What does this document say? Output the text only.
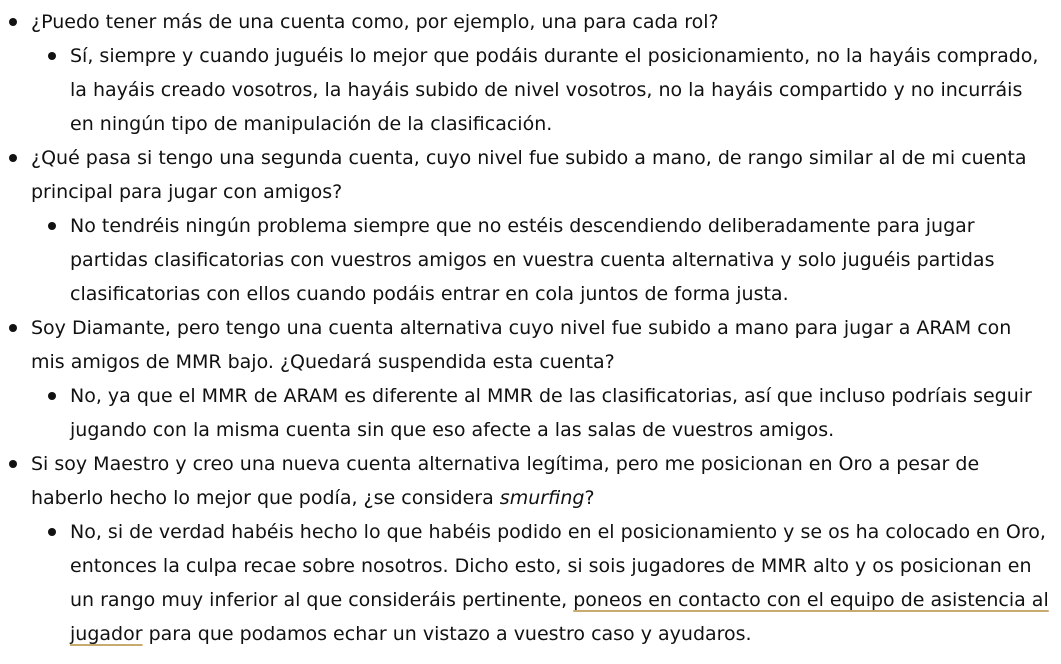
¿Puedo tener más de una cuenta como, por ejemplo, una para cada rol?
Sí, siempre y cuando juguéis lo mejor que podáis durante el posicionamiento, no la hayáis comprado, la hayáis creado vosotros, la hayáis subido de nivel vosotros, no la hayáis compartido y no incurráis en ningún tipo de manipulación de la clasificación.
¿Qué pasa si tengo una segunda cuenta, cuyo nivel fue subido a mano, de rango similar al de mi cuenta principal para jugar con amigos?
No tendréis ningún problema siempre que no estéis descendiendo deliberadamente para jugar partidas clasificatorias con vuestros amigos en vuestra cuenta alternativa y solo juguéis partidas clasificatorias con ellos cuando podáis entrar en cola juntos de forma justa.
Soy Diamante, pero tengo una cuenta alternativa cuyo nivel fue subido a mano para jugar a ARAM con mis amigos de MMR bajo. ¿Quedará suspendida esta cuenta?
No, ya que el MMR de ARAM es diferente al MMR de las clasificatorias, así que incluso podríais seguir jugando con la misma cuenta sin que eso afecte a las salas de vuestros amigos.
Si soy Maestro y creo una nueva cuenta alternativa legítima, pero me posicionan en Oro a pesar de haberlo hecho lo mejor que podía, ¿se considera smurfing?
No, si de verdad habéis hecho lo que habéis podido en el posicionamiento y se os ha colocado en Oro, entonces la culpa recae sobre nosotros. Dicho esto, si sois jugadores de MMR alto y os posicionan en un rango muy inferior al que consideráis pertinente, poneos en contacto con el equipo de asistencia al jugador para que podamos echar un vistazo a vuestro caso y ayudaros.
